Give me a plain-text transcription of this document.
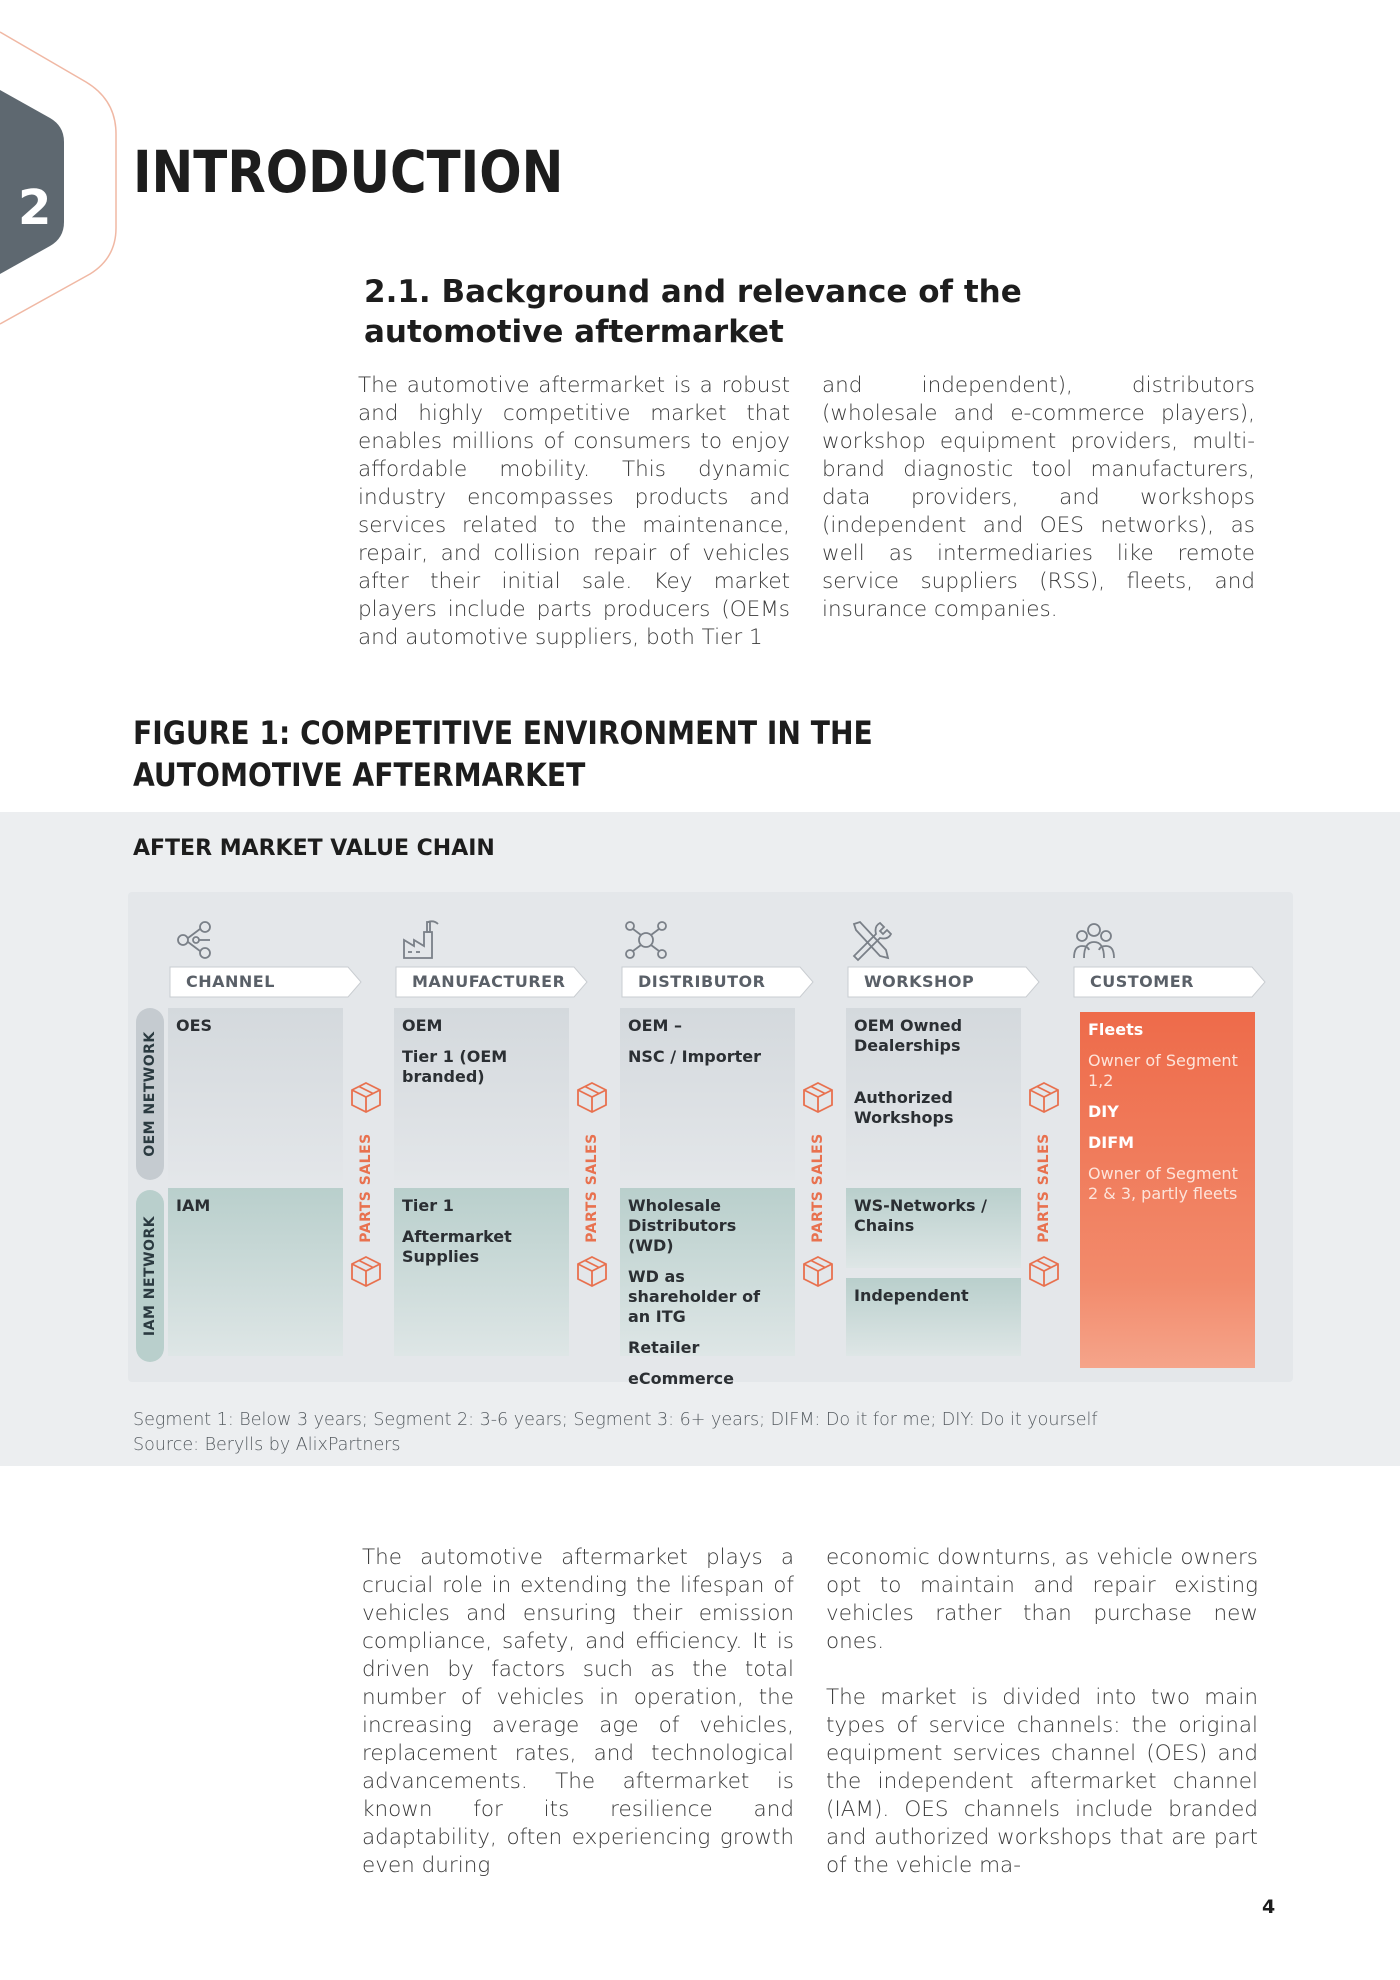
2
INTRODUCTION
2.1. Background and relevance of the automotive aftermarket

The automotive aftermarket is a robust and highly competitive market that enables millions of consumers to enjoy affordable mobility. This dynamic industry encompasses products and services related to the maintenance, repair, and collision repair of vehicles after their initial sale. Key market players include parts producers (OEMs and automotive suppliers, both Tier 1

and independent), distributors (wholesale and e-commerce players), workshop equipment providers, multi-brand diagnostic tool manufacturers, data providers, and workshops (independent and OES networks), as well as intermediaries like remote service suppliers (RSS), fleets, and insurance companies.

FIGURE 1: COMPETITIVE ENVIRONMENT IN THE AUTOMOTIVE AFTERMARKET
AFTER MARKET VALUE CHAIN
CHANNEL	MANUFACTURER	DISTRIBUTOR	WORKSHOP	CUSTOMER
OEM NETWORK
IAM NETWORK
OES	OEM
Tier 1 (OEM branded)
OEM –
NSC / Importer
OEM Owned Dealerships
Authorized Workshops
IAM	Tier 1
Aftermarket Supplies
Wholesale Distributors (WD)
WD as shareholder of an ITG
Retailer
eCommerce
WS-Networks / Chains
Independent
Fleets
Owner of Segment 1,2
DIY
DIFM
Owner of Segment 2 & 3, partly fleets
PARTS SALES	PARTS SALES	PARTS SALES	PARTS SALES
Segment 1: Below 3 years; Segment 2: 3-6 years; Segment 3: 6+ years; DIFM: Do it for me; DIY: Do it yourself
Source: Berylls by AlixPartners

The automotive aftermarket plays a crucial role in extending the lifespan of vehicles and ensuring their emission compliance, safety, and efficiency. It is driven by factors such as the total number of vehicles in operation, the increasing average age of vehicles, replacement rates, and technological advancements. The aftermarket is known for its resilience and adaptability, often experiencing growth even during

economic downturns, as vehicle owners opt to maintain and repair existing vehicles rather than purchase new ones.

The market is divided into two main types of service channels: the original equipment services channel (OES) and the independent aftermarket channel (IAM). OES channels include branded and authorized workshops that are part of the vehicle ma-

4
